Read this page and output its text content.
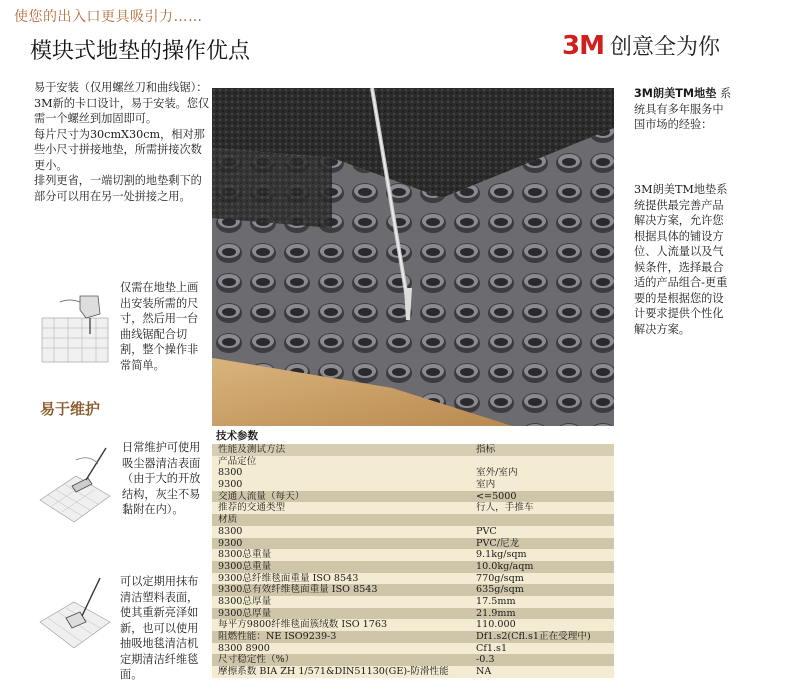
使您的出入口更具吸引力……
模块式地垫的操作优点	3M 创意全为你

易于安装（仅用螺丝刀和曲线锯）：

3M新的卡口设计，易于安装。您仅需一个螺丝到加固即可。

每片尺寸为30cmX30cm，相对那些小尺寸拼接地垫，所需拼接次数更小。

排列更省，一端切割的地垫剩下的部分可以用在另一处拼接之用。

仅需在地垫上画出安装所需的尺寸，然后用一台曲线锯配合切割，整个操作非常简单。
易于维护
日常维护可使用吸尘器清洁表面（由于大的开放结构，灰尘不易黏附在内）。
可以定期用抹布清洁塑料表面，使其重新亮泽如新，也可以使用抽吸地毯清洁机定期清洁纤维毯面。
3M朗美TM地垫 系统具有多年服务中国市场的经验：
3M朗美TM地垫系统提供最完善产品解决方案，允许您根据具体的铺设方位、人流量以及气候条件，选择最合适的产品组合-更重要的是根据您的设计要求提供个性化解决方案。
技术参数
性能及测试方法	指标
产品定位
8300	室外/室内
9300	室内
交通人流量（每天）	<=5000
推荐的交通类型	行人，手推车
材质
8300	PVC
9300	PVC/尼龙
8300总重量	9.1kg/sqm
9300总重量	10.0kg/aqm
9300总纤维毯面重量 ISO 8543	770g/sqm
9300总有效纤维毯面重量 ISO 8543	635g/sqm
8300总厚量	17.5mm
9300总厚量	21.9mm
每平方9800纤维毯面簇绒数 ISO 1763	110.000
阻燃性能：NE ISO9239-3	Df1.s2(Cfl.s1正在受理中)
8300 8900	Cf1.s1
尺寸稳定性（%）	-0.3
摩擦系数 BIA ZH 1/571&DIN51130(GE)-防滑性能	NA
